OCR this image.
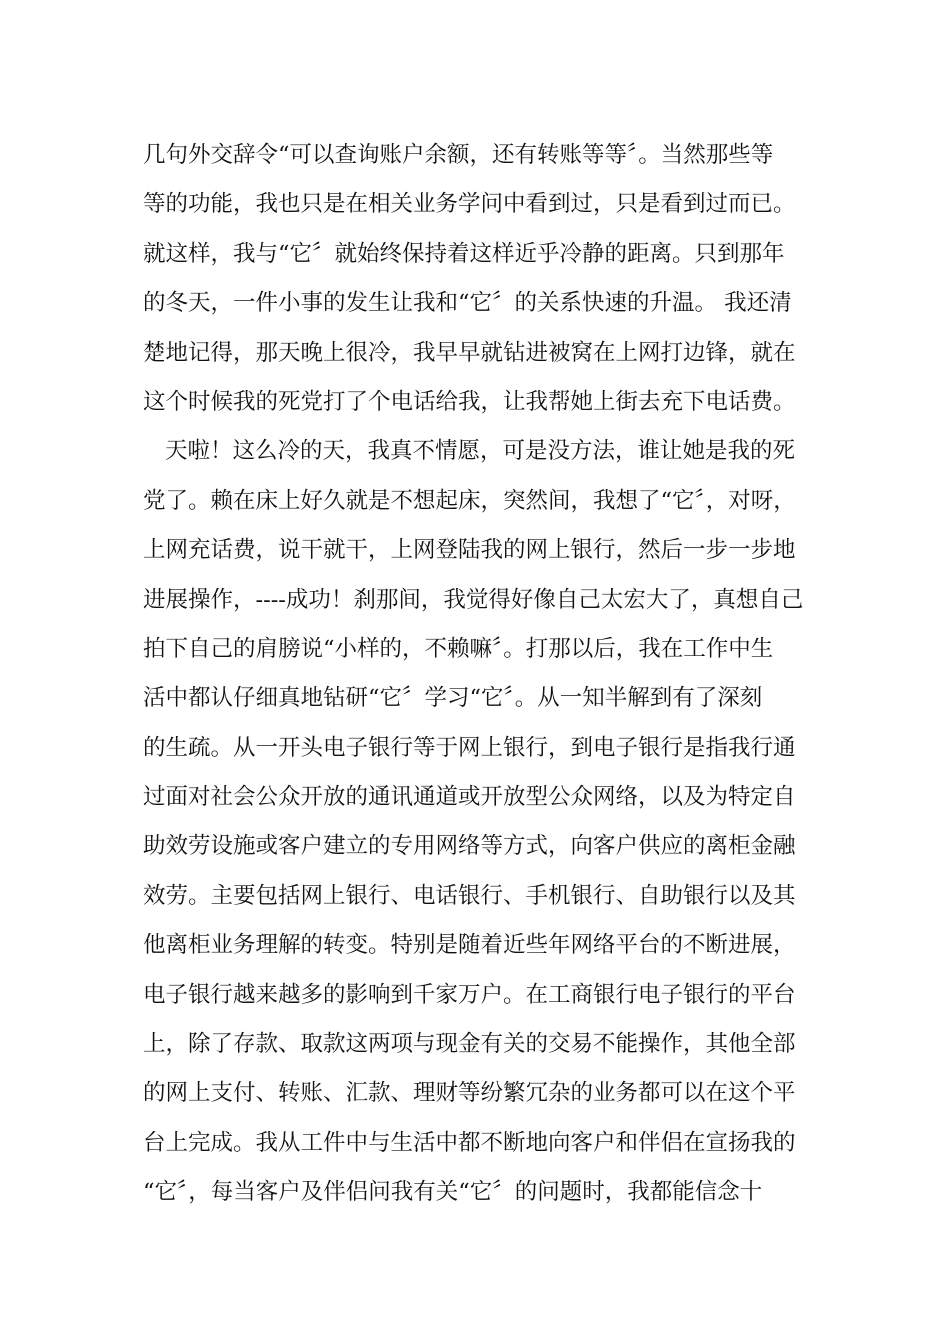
几句外交辞令“可以查询账户余额，还有转账等等〞。当然那些等
等的功能，我也只是在相关业务学问中看到过，只是看到过而已。
就这样，我与“它〞就始终保持着这样近乎冷静的距离。只到那年
的冬天，一件小事的发生让我和“它〞的关系快速的升温。 我还清
楚地记得，那天晚上很冷，我早早就钻进被窝在上网打边锋，就在
这个时候我的死党打了个电话给我，让我帮她上街去充下电话费。
天啦！这么冷的天，我真不情愿，可是没方法，谁让她是我的死
党了。赖在床上好久就是不想起床，突然间，我想了“它〞，对呀，
上网充话费，说干就干，上网登陆我的网上银行，然后一步一步地
进展操作，----成功！刹那间，我觉得好像自己太宏大了，真想自己
拍下自己的肩膀说“小样的，不赖嘛〞。打那以后，我在工作中生
活中都认仔细真地钻研“它〞学习“它〞。从一知半解到有了深刻
的生疏。从一开头电子银行等于网上银行，到电子银行是指我行通
过面对社会公众开放的通讯通道或开放型公众网络，以及为特定自
助效劳设施或客户建立的专用网络等方式，向客户供应的离柜金融
效劳。主要包括网上银行、电话银行、手机银行、自助银行以及其
他离柜业务理解的转变。特别是随着近些年网络平台的不断进展，
电子银行越来越多的影响到千家万户。在工商银行电子银行的平台
上，除了存款、取款这两项与现金有关的交易不能操作，其他全部
的网上支付、转账、汇款、理财等纷繁冗杂的业务都可以在这个平
台上完成。我从工件中与生活中都不断地向客户和伴侣在宣扬我的
“它〞，每当客户及伴侣问我有关“它〞的问题时，我都能信念十
